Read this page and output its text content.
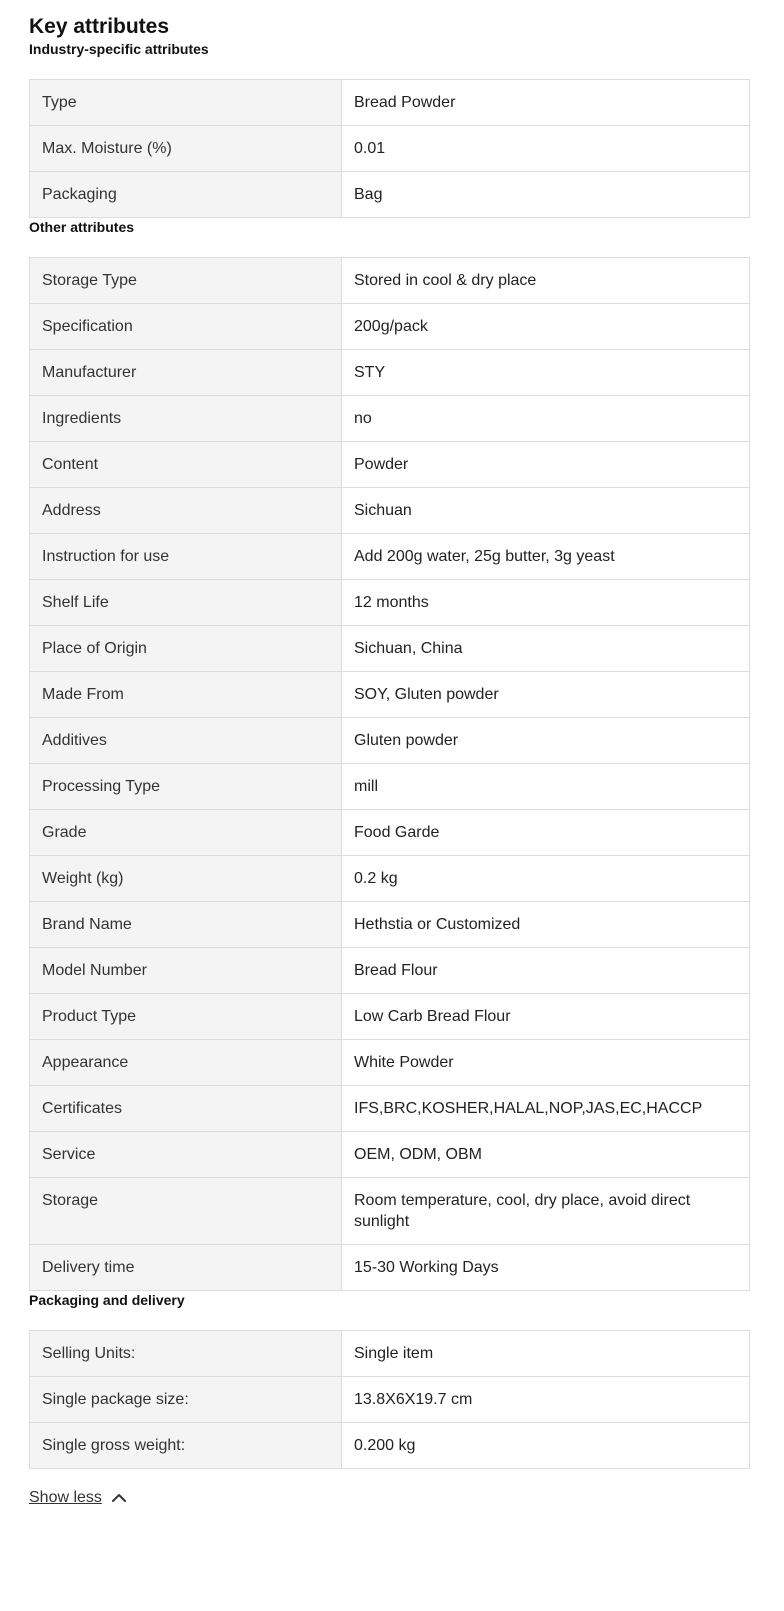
Key attributes
Industry-specific attributes
Type	Bread Powder
Max. Moisture (%)	0.01
Packaging	Bag
Other attributes
Storage Type	Stored in cool & dry place
Specification	200g/pack
Manufacturer	STY
Ingredients	no
Content	Powder
Address	Sichuan
Instruction for use	Add 200g water, 25g butter, 3g yeast
Shelf Life	12 months
Place of Origin	Sichuan, China
Made From	SOY, Gluten powder
Additives	Gluten powder
Processing Type	mill
Grade	Food Garde
Weight (kg)	0.2 kg
Brand Name	Hethstia or Customized
Model Number	Bread Flour
Product Type	Low Carb Bread Flour
Appearance	White Powder
Certificates	IFS,BRC,KOSHER,HALAL,NOP,JAS,EC,HACCP
Service	OEM, ODM, OBM
Storage	Room temperature, cool, dry place, avoid direct sunlight
Delivery time	15-30 Working Days
Packaging and delivery
Selling Units:	Single item
Single package size:	13.8X6X19.7 cm
Single gross weight:	0.200 kg
Show less
